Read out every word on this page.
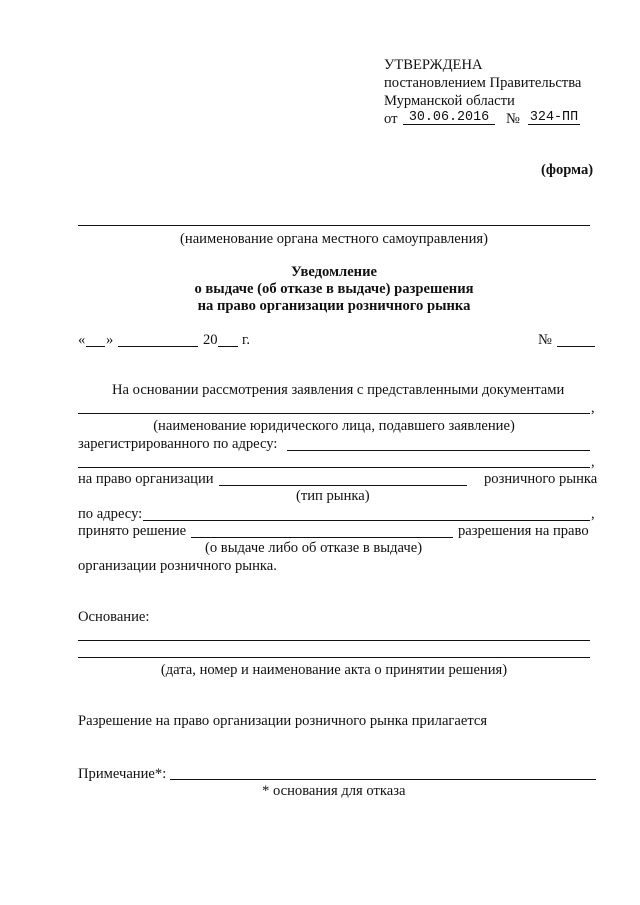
УТВЕРЖДЕНА
постановлением Правительства
Мурманской области
от 30.06.2016	№ 324-ПП
(форма)
(наименование органа местного самоуправления)
Уведомление
о выдаче (об отказе в выдаче) разрешения
на право организации розничного рынка
« »	20 г.	№
На основании рассмотрения заявления с представленными документами
,
(наименование юридического лица, подавшего заявление)
зарегистрированного по адресу:
,
на право организации	розничного рынка
(тип рынка)
по адресу:	,
принято решение	разрешения на право
(о выдаче либо об отказе в выдаче)
организации розничного рынка.
Основание:
(дата, номер и наименование акта о принятии решения)
Разрешение на право организации розничного рынка прилагается
Примечание*:
* основания для отказа
